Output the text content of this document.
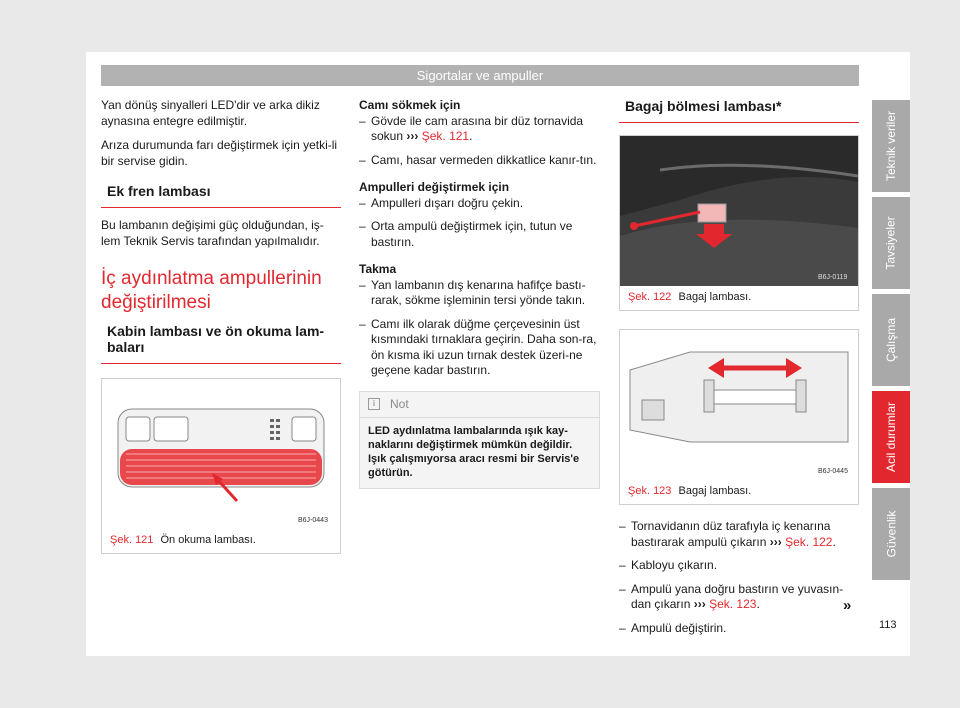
Sigortalar ve ampuller
Teknik veriler
Tavsiyeler
Çalışma
Acil durumlar
Güvenlik

Yan dönüş sinyalleri LED'dir ve arka dikiz aynasına entegre edilmiştir.

Arıza durumunda farı değiştirmek için yetki-li bir servise gidin.

Ek fren lambası

Bu lambanın değişimi güç olduğundan, iş-lem Teknik Servis tarafından yapılmalıdır.

İç aydınlatma ampullerinin değiştirilmesi
Kabin lambası ve ön okuma lam-baları
B6J-0443
Şek. 121 Ön okuma lambası.

Camı sökmek için

– Gövde ile cam arasına bir düz tornavida sokun ››› Şek. 121.
– Camı, hasar vermeden dikkatlice kanır-tın.

Ampulleri değiştirmek için

– Ampulleri dışarı doğru çekin.
– Orta ampulü değiştirmek için, tutun ve bastırın.

Takma

– Yan lambanın dış kenarına hafifçe bastı-rarak, sökme işleminin tersi yönde takın.
– Camı ilk olarak düğme çerçevesinin üst kısmındaki tırnaklara geçirin. Daha son-ra, ön kısma iki uzun tırnak destek üzeri-ne geçene kadar bastırın.
i	Not
LED aydınlatma lambalarında ışık kay-naklarını değiştirmek mümkün değildir. Işık çalışmıyorsa aracı resmi bir Servis'e götürün.
Bagaj bölmesi lambası*
B6J-0119
Şek. 122 Bagaj lambası.
B6J-0445
Şek. 123 Bagaj lambası.
– Tornavidanın düz tarafıyla iç kenarına bastırarak ampulü çıkarın ››› Şek. 122.
– Kabloyu çıkarın.
– Ampulü yana doğru bastırın ve yuvasın-dan çıkarın ››› Şek. 123.
– Ampulü değiştirin.
»
113
